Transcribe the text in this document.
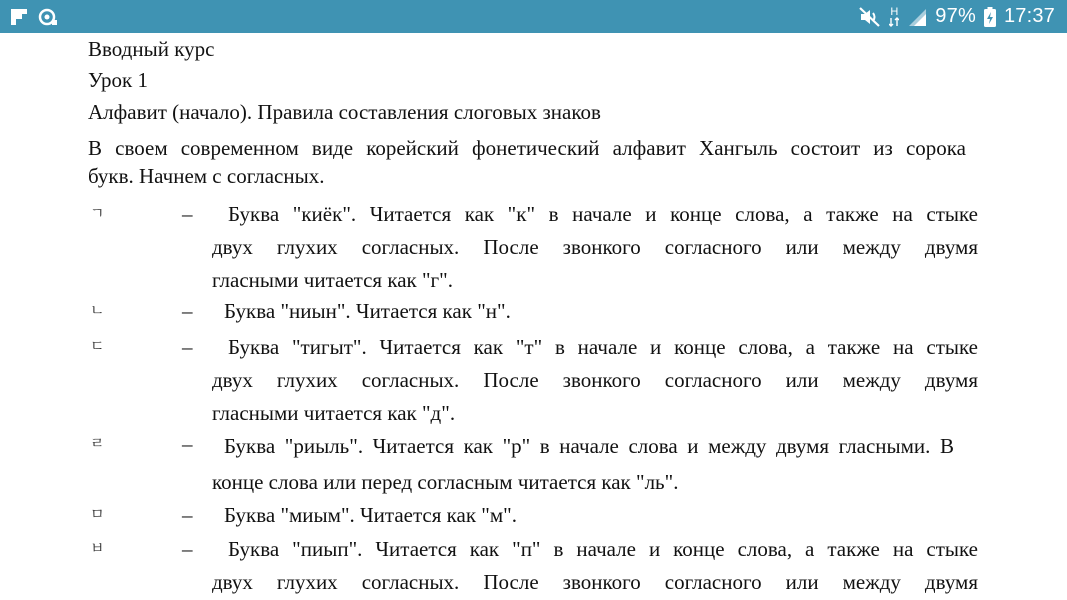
H 97% 17:37
Вводный курс
Урок 1
Алфавит (начало). Правила составления слоговых знаков
В своем современном виде корейский фонетический алфавит Хангыль состоит из сорока
букв. Начнем с согласных.
ㄱ	–	Буква "киёк". Читается как "к" в начале и конце слова, а также на стыке
двух глухих согласных. После звонкого согласного или между двумя
гласными читается как "г".
ㄴ	–	Буква "ниын". Читается как "н".
ㄷ	–	Буква "тигыт". Читается как "т" в начале и конце слова, а также на стыке
двух глухих согласных. После звонкого согласного или между двумя
гласными читается как "д".
ㄹ	–	Буква "риыль". Читается как "р" в начале слова и между двумя гласными. В
конце слова или перед согласным читается как "ль".
ㅁ	–	Буква "миым". Читается как "м".
ㅂ	–	Буква "пиып". Читается как "п" в начале и конце слова, а также на стыке
двух глухих согласных. После звонкого согласного или между двумя
